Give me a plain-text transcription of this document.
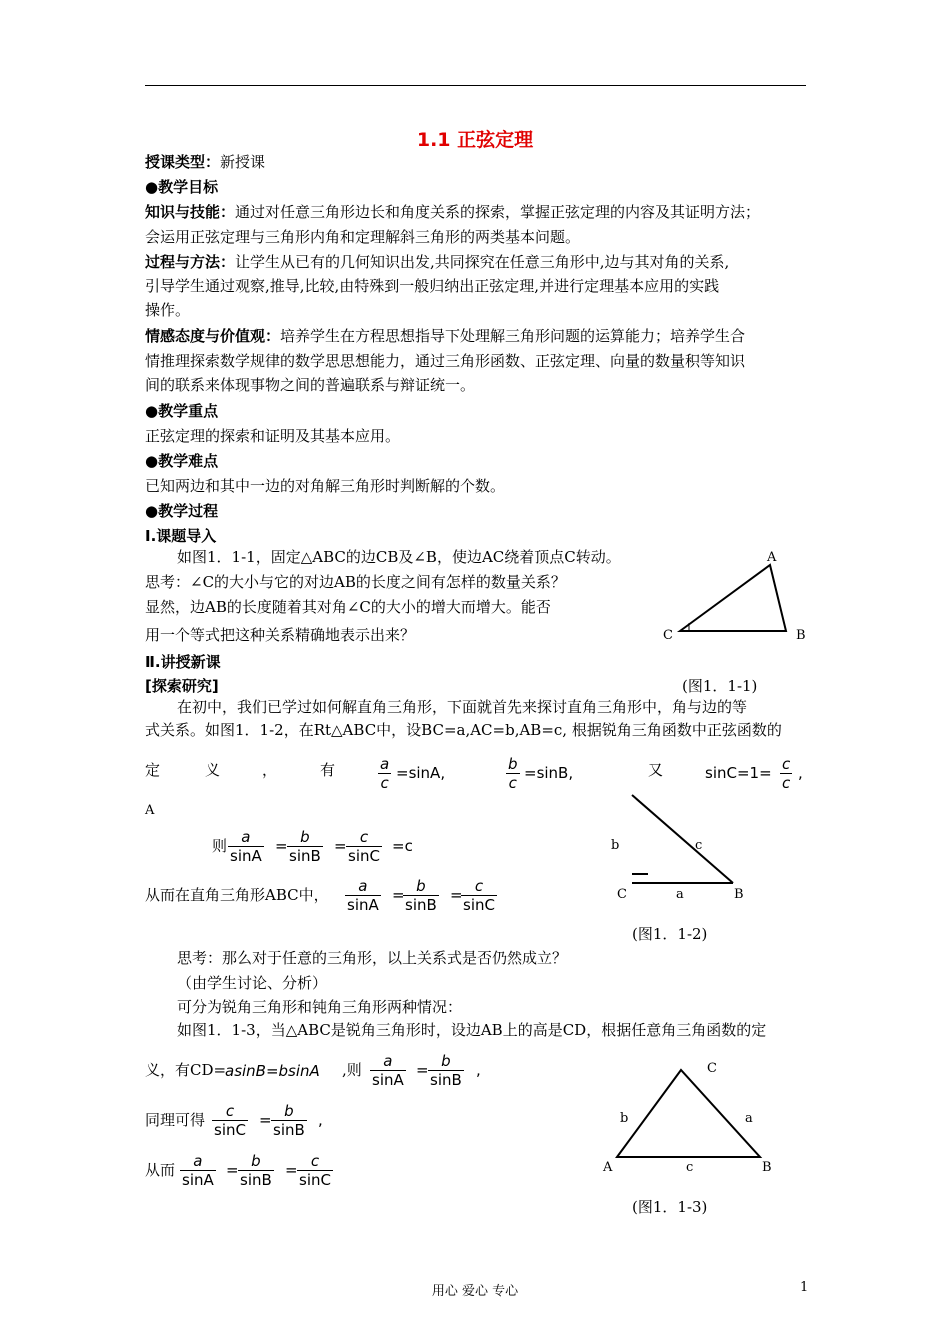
1.1 正弦定理
授课类型：新授课
●教学目标
知识与技能：通过对任意三角形边长和角度关系的探索，掌握正弦定理的内容及其证明方法；
会运用正弦定理与三角形内角和定理解斜三角形的两类基本问题。
过程与方法：让学生从已有的几何知识出发,共同探究在任意三角形中,边与其对角的关系,
引导学生通过观察,推导,比较,由特殊到一般归纳出正弦定理,并进行定理基本应用的实践
操作。
情感态度与价值观：培养学生在方程思想指导下处理解三角形问题的运算能力；培养学生合
情推理探索数学规律的数学思思想能力，通过三角形函数、正弦定理、向量的数量积等知识
间的联系来体现事物之间的普遍联系与辩证统一。
●教学重点
正弦定理的探索和证明及其基本应用。
●教学难点
已知两边和其中一边的对角解三角形时判断解的个数。
●教学过程
Ⅰ.课题导入
如图1．1-1，固定△ABC的边CB及∠B，使边AC绕着顶点C转动。
思考：∠C的大小与它的对边AB的长度之间有怎样的数量关系？
显然，边AB的长度随着其对角∠C的大小的增大而增大。能否
用一个等式把这种关系精确地表示出来？
A
C	B
Ⅱ.讲授新课
[探索研究]	(图1．1-1)
在初中，我们已学过如何解直角三角形，下面就首先来探讨直角三角形中，角与边的等
式关系。如图1．1-2，在Rt△ABC中，设BC=a,AC=b,AB=c, 根据锐角三角函数中正弦函数的
定	义	，	有	$\frac{a}{c} =\sin A$,	$\frac{b}{c} =\sin B$,	又	$\sin C=1= \frac{c}{c}$ ,
A
则 $\frac{a}{\sin A} = \frac{b}{\sin B} = \frac{c}{\sin C} =c$
从而在直角三角形ABC中， $\frac{a}{\sin A}$ =
$\frac{b}{\sin B}$ =
$\frac{c}{\sin C}$
b	c
C	a	B
(图1．1-2)
思考：那么对于任意的三角形，以上关系式是否仍然成立？
（由学生讨论、分析）
可分为锐角三角形和钝角三角形两种情况：
如图1．1-3，当△ABC是锐角三角形时，设边AB上的高是CD，根据任意角三角函数的定
义，有CD=
asinB=bsinA ,则 $\frac{a}{\sin A} = \frac{b}{\sin B}$ ,
同理可得 $\frac{c}{\sin C} = \frac{b}{\sin B}$ ,
从而 $\frac{a}{\sin A} = \frac{b}{\sin B} = \frac{c}{\sin C}$
C
b	a
A	c	B
(图1．1-3)
用心 爱心 专心	1
